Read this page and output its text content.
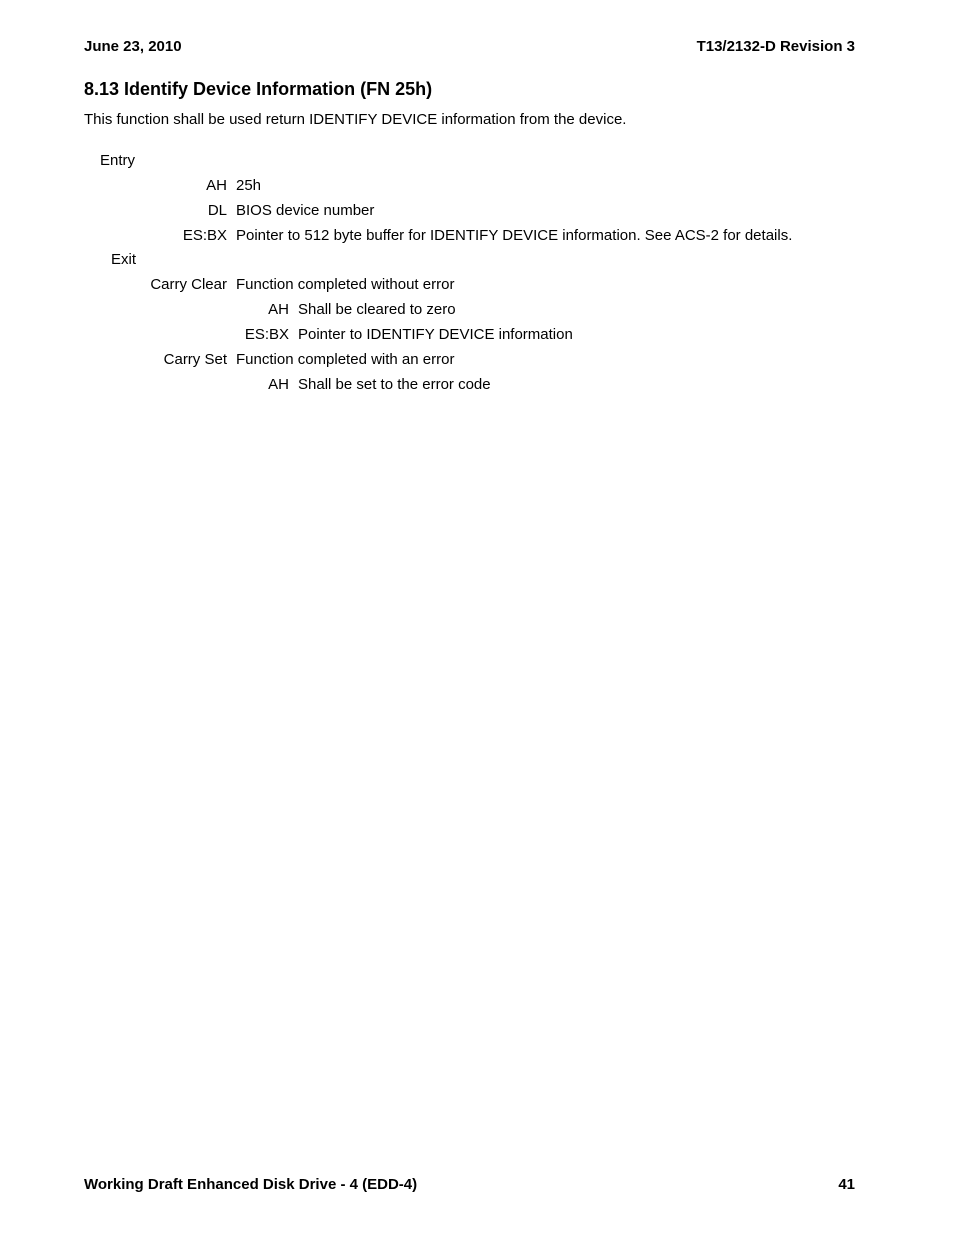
June 23, 2010	T13/2132-D Revision 3
8.13 Identify Device Information (FN 25h)
This function shall be used return IDENTIFY DEVICE information from the device.
Entry
AH 25h
DL BIOS device number
ES:BX Pointer to 512 byte buffer for IDENTIFY DEVICE information. See ACS-2 for details.
Exit
Carry Clear Function completed without error
AH Shall be cleared to zero
ES:BX Pointer to IDENTIFY DEVICE information
Carry Set Function completed with an error
AH Shall be set to the error code
Working Draft Enhanced Disk Drive - 4 (EDD-4)	41
